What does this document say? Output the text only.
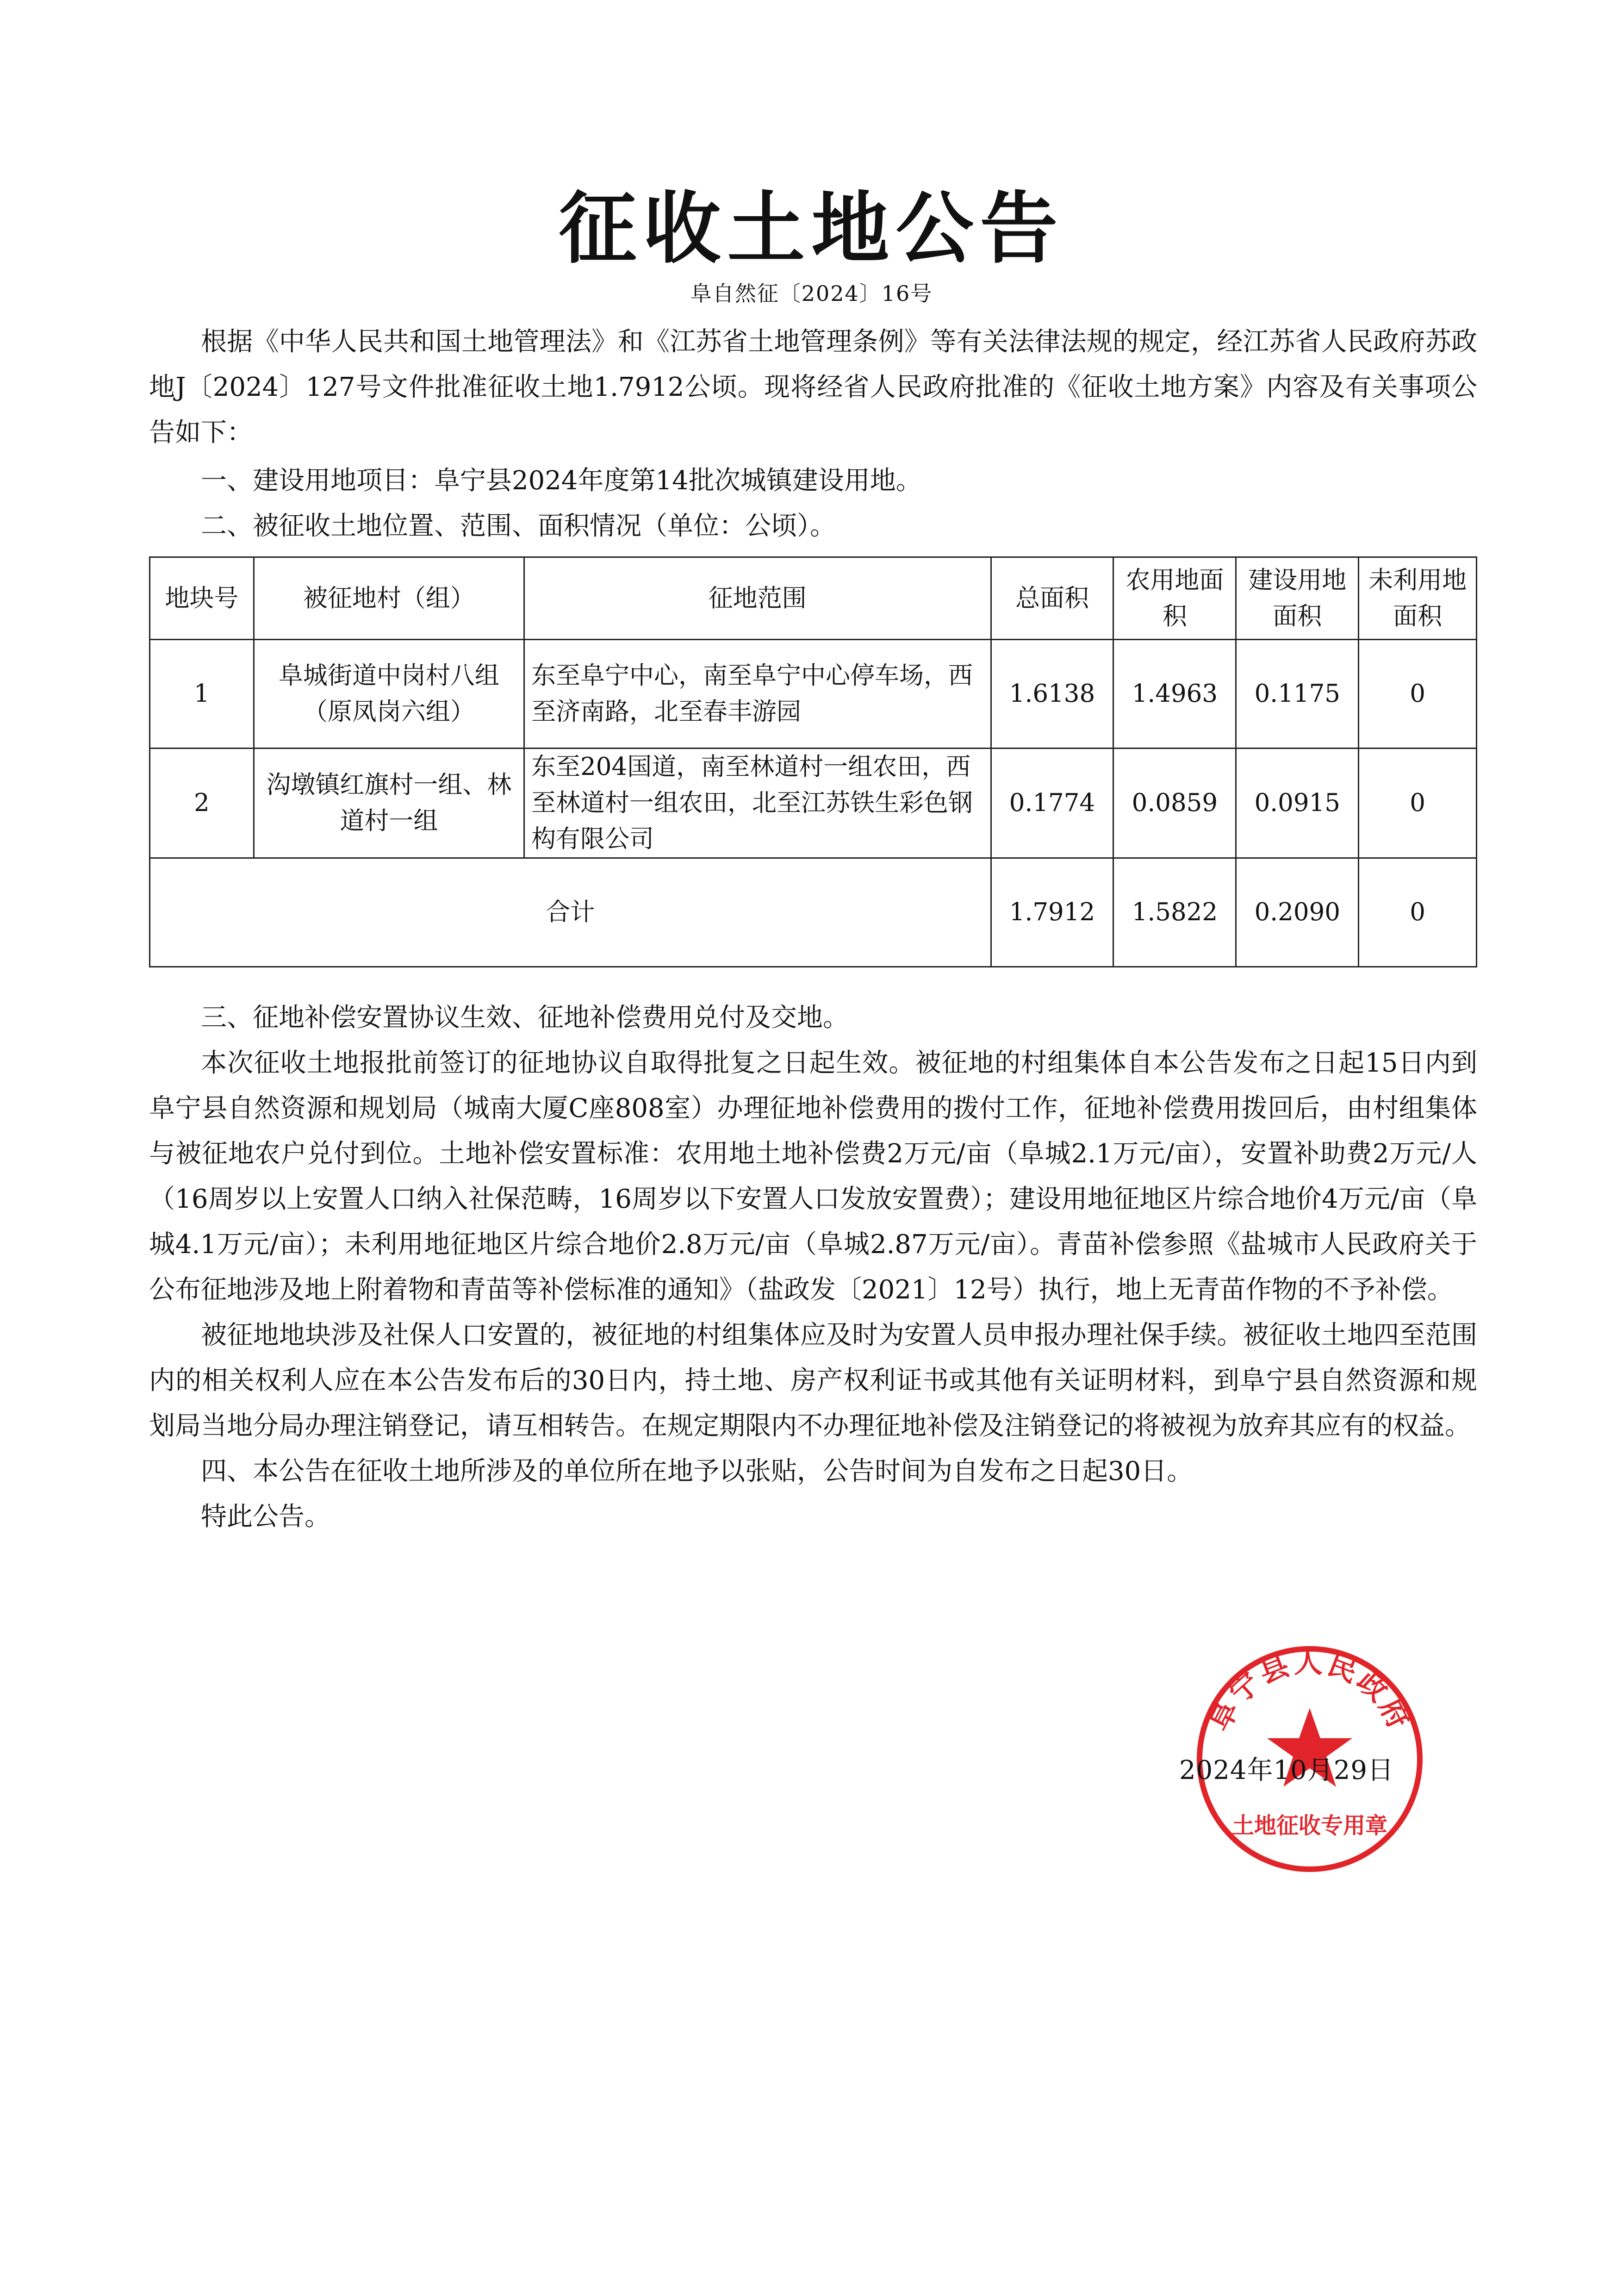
征收土地公告
阜自然征〔2024〕16号

根据《中华人民共和国土地管理法》和《江苏省土地管理条例》等有关法律法规的规定，经江苏省人民政府苏政地J〔2024〕127号文件批准征收土地1.7912公顷。现将经省人民政府批准的《征收土地方案》内容及有关事项公告如下：

一、建设用地项目：阜宁县2024年度第14批次城镇建设用地。

二、被征收土地位置、范围、面积情况（单位：公顷）。

地块号	被征地村（组）	征地范围	总面积	农用地面积	建设用地面积	未利用地面积
1	阜城街道中岗村八组（原凤岗六组）	东至阜宁中心，南至阜宁中心停车场，西至济南路，北至春丰游园	1.6138	1.4963	0.1175	0
2	沟墩镇红旗村一组、林道村一组	东至204国道，南至林道村一组农田，西至林道村一组农田，北至江苏铁生彩色钢构有限公司	0.1774	0.0859	0.0915	0
合计			1.7912	1.5822	0.2090	0

三、征地补偿安置协议生效、征地补偿费用兑付及交地。

本次征收土地报批前签订的征地协议自取得批复之日起生效。被征地的村组集体自本公告发布之日起15日内到阜宁县自然资源和规划局（城南大厦C座808室）办理征地补偿费用的拨付工作，征地补偿费用拨回后，由村组集体与被征地农户兑付到位。土地补偿安置标准：农用地土地补偿费2万元/亩（阜城2.1万元/亩），安置补助费2万元/人（16周岁以上安置人口纳入社保范畴，16周岁以下安置人口发放安置费）；建设用地征地区片综合地价4万元/亩（阜城4.1万元/亩）；未利用地征地区片综合地价2.8万元/亩（阜城2.87万元/亩）。青苗补偿参照《盐城市人民政府关于公布征地涉及地上附着物和青苗等补偿标准的通知》（盐政发〔2021〕12号）执行，地上无青苗作物的不予补偿。

被征地地块涉及社保人口安置的，被征地的村组集体应及时为安置人员申报办理社保手续。被征收土地四至范围内的相关权利人应在本公告发布后的30日内，持土地、房产权利证书或其他有关证明材料，到阜宁县自然资源和规划局当地分局办理注销登记，请互相转告。在规定期限内不办理征地补偿及注销登记的将被视为放弃其应有的权益。

四、本公告在征收土地所涉及的单位所在地予以张贴，公告时间为自发布之日起30日。

特此公告。

阜宁县人民政府
土地征收专用章
2024年10月29日
